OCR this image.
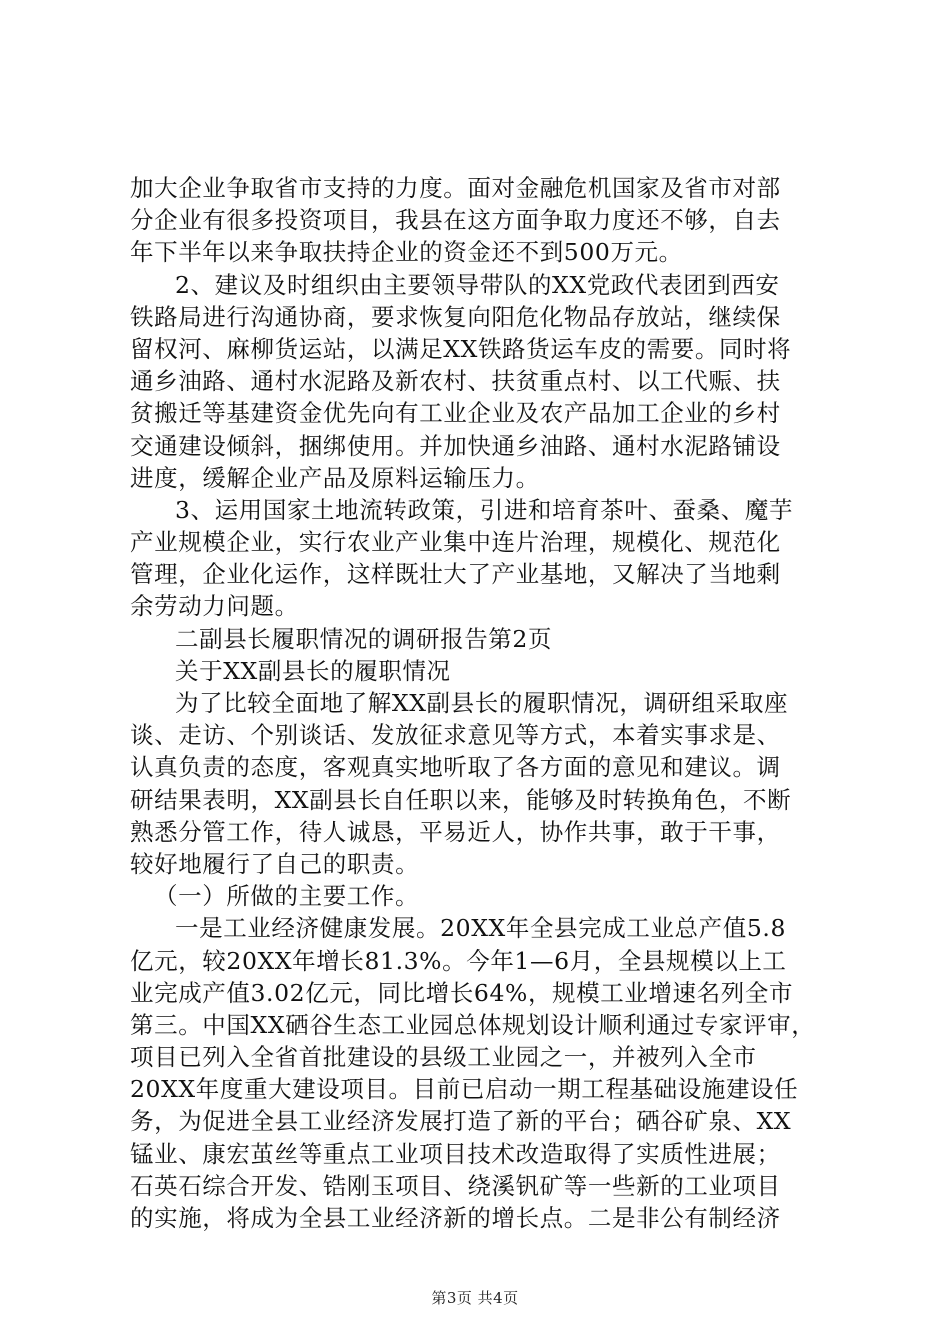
加大企业争取省市支持的力度。面对金融危机国家及省市对部
分企业有很多投资项目，我县在这方面争取力度还不够，自去
年下半年以来争取扶持企业的资金还不到500万元。
2、建议及时组织由主要领导带队的XX党政代表团到西安
铁路局进行沟通协商，要求恢复向阳危化物品存放站，继续保
留权河、麻柳货运站，以满足XX铁路货运车皮的需要。同时将
通乡油路、通村水泥路及新农村、扶贫重点村、以工代赈、扶
贫搬迁等基建资金优先向有工业企业及农产品加工企业的乡村
交通建设倾斜，捆绑使用。并加快通乡油路、通村水泥路铺设
进度，缓解企业产品及原料运输压力。
3、运用国家土地流转政策，引进和培育茶叶、蚕桑、魔芋
产业规模企业，实行农业产业集中连片治理，规模化、规范化
管理，企业化运作，这样既壮大了产业基地，又解决了当地剩
余劳动力问题。
二副县长履职情况的调研报告第2页
关于XX副县长的履职情况
为了比较全面地了解XX副县长的履职情况，调研组采取座
谈、走访、个别谈话、发放征求意见等方式，本着实事求是、
认真负责的态度，客观真实地听取了各方面的意见和建议。调
研结果表明，XX副县长自任职以来，能够及时转换角色，不断
熟悉分管工作，待人诚恳，平易近人，协作共事，敢于干事，
较好地履行了自己的职责。
（一）所做的主要工作。
一是工业经济健康发展。20XX年全县完成工业总产值5.8
亿元，较20XX年增长81.3%。今年1—6月，全县规模以上工
业完成产值3.02亿元，同比增长64%，规模工业增速名列全市
第三。中国XX硒谷生态工业园总体规划设计顺利通过专家评审，
项目已列入全省首批建设的县级工业园之一，并被列入全市
20XX年度重大建设项目。目前已启动一期工程基础设施建设任
务，为促进全县工业经济发展打造了新的平台；硒谷矿泉、XX
锰业、康宏茧丝等重点工业项目技术改造取得了实质性进展；
石英石综合开发、锆刚玉项目、绕溪钒矿等一些新的工业项目
的实施，将成为全县工业经济新的增长点。二是非公有制经济
第3页 共4页
